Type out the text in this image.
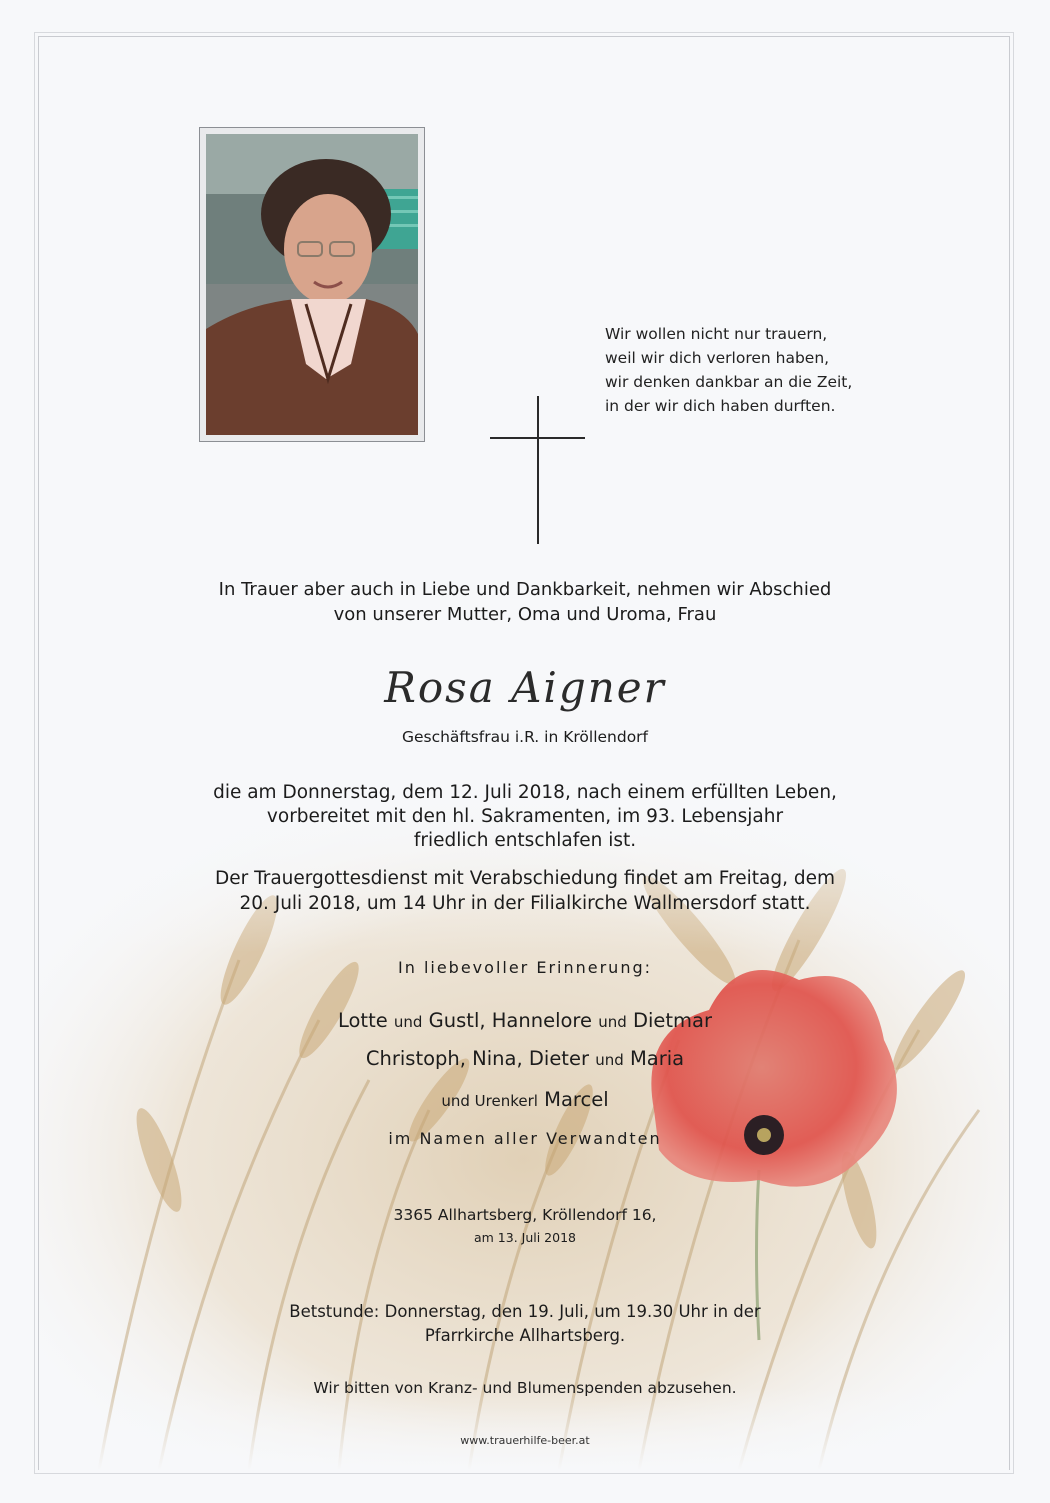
Wir wollen nicht nur trauern,
weil wir dich verloren haben,
wir denken dankbar an die Zeit,
in der wir dich haben durften.
In Trauer aber auch in Liebe und Dankbarkeit, nehmen wir Abschied
von unserer Mutter, Oma und Uroma, Frau
Rosa Aigner
Geschäftsfrau i.R. in Kröllendorf
die am Donnerstag, dem 12. Juli 2018, nach einem erfüllten Leben,
vorbereitet mit den hl. Sakramenten, im 93. Lebensjahr
friedlich entschlafen ist.
Der Trauergottesdienst mit Verabschiedung findet am Freitag, dem
20. Juli 2018, um 14 Uhr in der Filialkirche Wallmersdorf statt.
In liebevoller Erinnerung:
Lotte und Gustl, Hannelore und Dietmar
Christoph, Nina, Dieter und Maria
und Urenkerl Marcel
im Namen aller Verwandten
3365 Allhartsberg, Kröllendorf 16,
am 13. Juli 2018
Betstunde: Donnerstag, den 19. Juli, um 19.30 Uhr in der
Pfarrkirche Allhartsberg.
Wir bitten von Kranz- und Blumenspenden abzusehen.
www.trauerhilfe-beer.at
